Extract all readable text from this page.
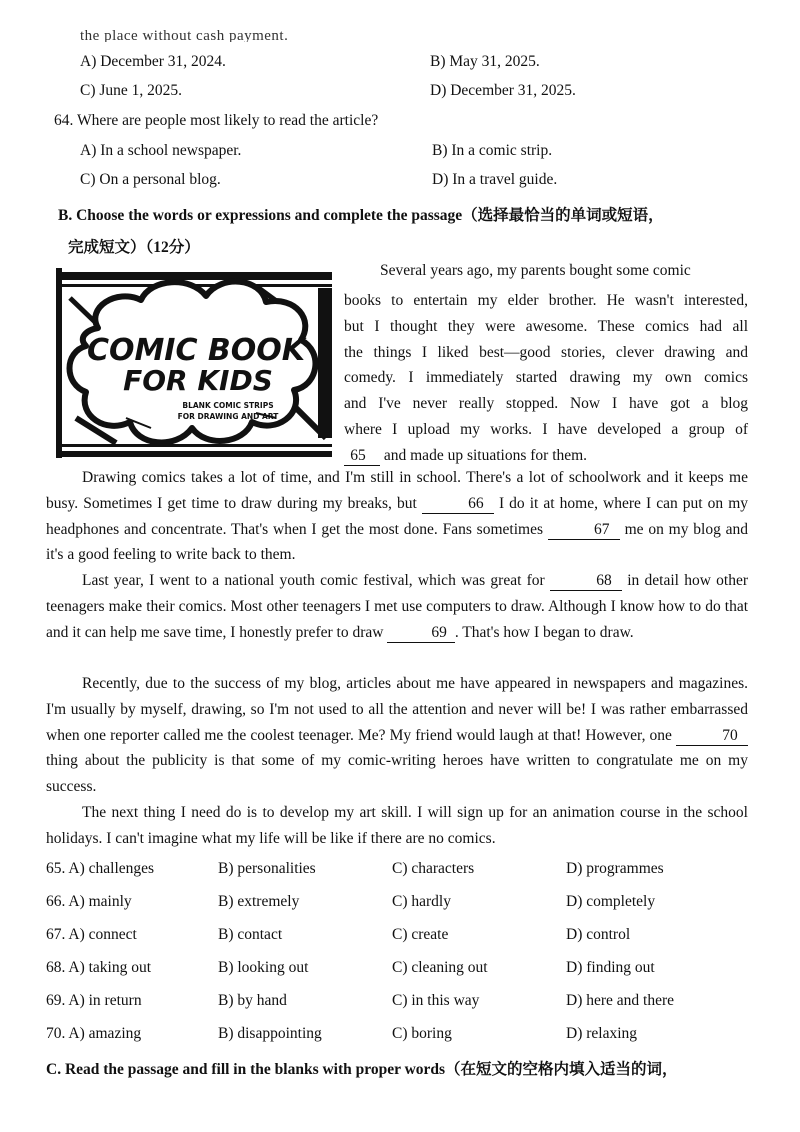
the place without cash payment.
A) December 31, 2024.	B) May 31, 2025.
C) June 1, 2025.	D) December 31, 2025.
64. Where are people most likely to read the article?
A) In a school newspaper.	B) In a comic strip.
C) On a personal blog.	D) In a travel guide.
B. Choose the words or expressions and complete the passage（选择最恰当的单词或短语，
完成短文）（12分）
COMIC BOOK
FOR KIDS
BLANK COMIC STRIPS
FOR DRAWING AND ART
Several years ago, my parents bought some comic
books to entertain my elder brother. He wasn't interested,
but I thought they were awesome. These comics had all
the things I liked best—good stories, clever drawing and
comedy. I immediately started drawing my own comics
and I've never really stopped. Now I have got a blog
where I upload my works. I have developed a group of
65 and made up situations for them.
Drawing comics takes a lot of time, and I'm still in school. There's a lot of schoolwork and it keeps me busy. Sometimes I get time to draw during my breaks, but	66 I do it at home, where I can put on my headphones and concentrate. That's when I get the most done. Fans sometimes	67 me on my blog and it's a good feeling to write back to them.
Last year, I went to a national youth comic festival, which was great for	68 in detail how other teenagers make their comics. Most other teenagers I met use computers to draw. Although I know how to do that and it can help me save time, I honestly prefer to draw	69 . That's how I began to draw.
Recently, due to the success of my blog, articles about me have appeared in newspapers and magazines. I'm usually by myself, drawing, so I'm not used to all the attention and never will be! I was rather embarrassed when one reporter called me the coolest teenager. Me? My friend would laugh at that! However, one	70 thing about the publicity is that some of my comic-writing heroes have written to congratulate me on my success.
The next thing I need do is to develop my art skill. I will sign up for an animation course in the school holidays. I can't imagine what my life will be like if there are no comics.
65. A) challenges	B) personalities	C) characters	D) programmes
66. A) mainly	B) extremely	C) hardly	D) completely
67. A) connect	B) contact	C) create	D) control
68. A) taking out	B) looking out	C) cleaning out	D) finding out
69. A) in return	B) by hand	C) in this way	D) here and there
70. A) amazing	B) disappointing	C) boring	D) relaxing
C. Read the passage and fill in the blanks with proper words（在短文的空格内填入适当的词，
